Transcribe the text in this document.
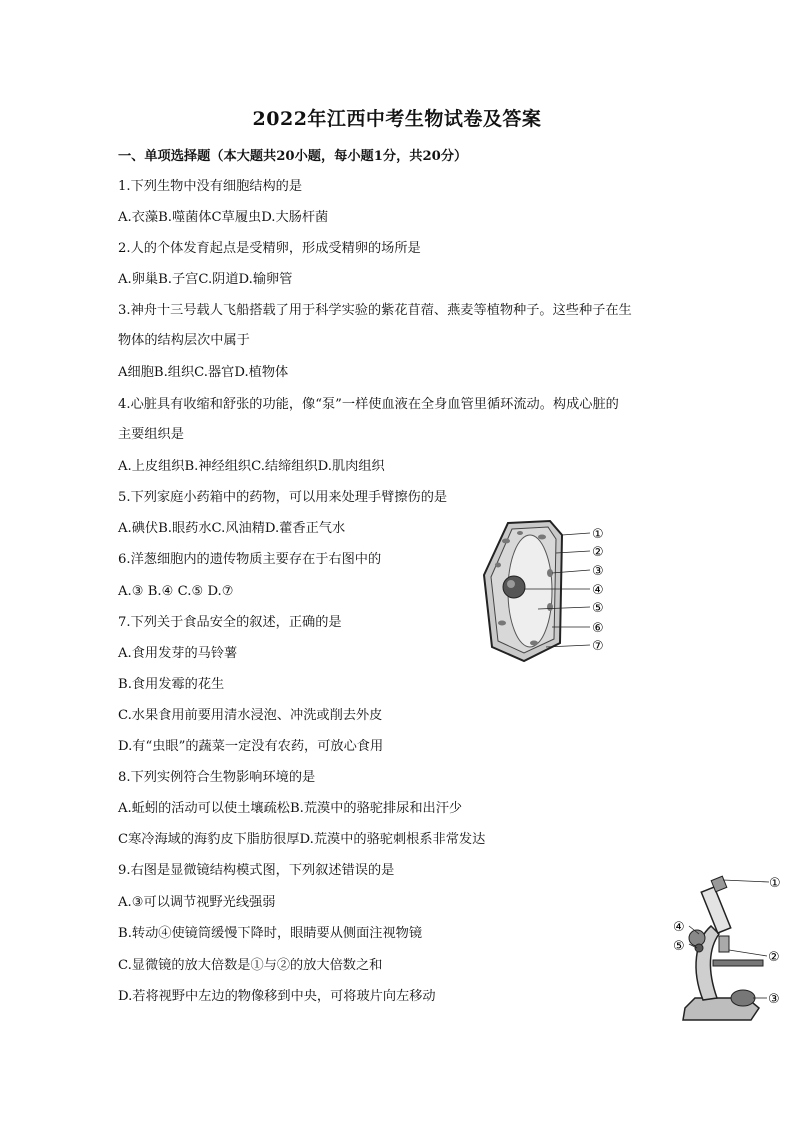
2022年江西中考生物试卷及答案
一、单项选择题（本大题共20小题，每小题1分，共20分）
1.下列生物中没有细胞结构的是
A.衣藻B.噬菌体C草履虫D.大肠杆菌
2.人的个体发育起点是受精卵，形成受精卵的场所是
A.卵巢B.子宫C.阴道D.输卵管
3.神舟十三号载人飞船搭载了用于科学实验的紫花苜蓿、燕麦等植物种子。这些种子在生
物体的结构层次中属于
A细胞B.组织C.器官D.植物体
4.心脏具有收缩和舒张的功能，像“泵”一样使血液在全身血管里循环流动。构成心脏的
主要组织是
A.上皮组织B.神经组织C.结缔组织D.肌肉组织
5.下列家庭小药箱中的药物，可以用来处理手臂擦伤的是
A.碘伏B.眼药水C.风油精D.藿香正气水
6.洋葱细胞内的遗传物质主要存在于右图中的
A.③ B.④ C.⑤ D.⑦
7.下列关于食品安全的叙述，正确的是
A.食用发芽的马铃薯
B.食用发霉的花生
C.水果食用前要用清水浸泡、冲洗或削去外皮
D.有“虫眼”的蔬菜一定没有农药，可放心食用
8.下列实例符合生物影响环境的是
A.蚯蚓的活动可以使土壤疏松B.荒漠中的骆驼排尿和出汗少
C寒冷海域的海豹皮下脂肪很厚D.荒漠中的骆驼刺根系非常发达
9.右图是显微镜结构模式图，下列叙述错误的是
A.③可以调节视野光线强弱
B.转动④使镜筒缓慢下降时，眼睛要从侧面注视物镜
C.显微镜的放大倍数是①与②的放大倍数之和
D.若将视野中左边的物像移到中央，可将玻片向左移动
①
②
③
④
⑤
⑥
⑦
①
④
⑤
②
③
